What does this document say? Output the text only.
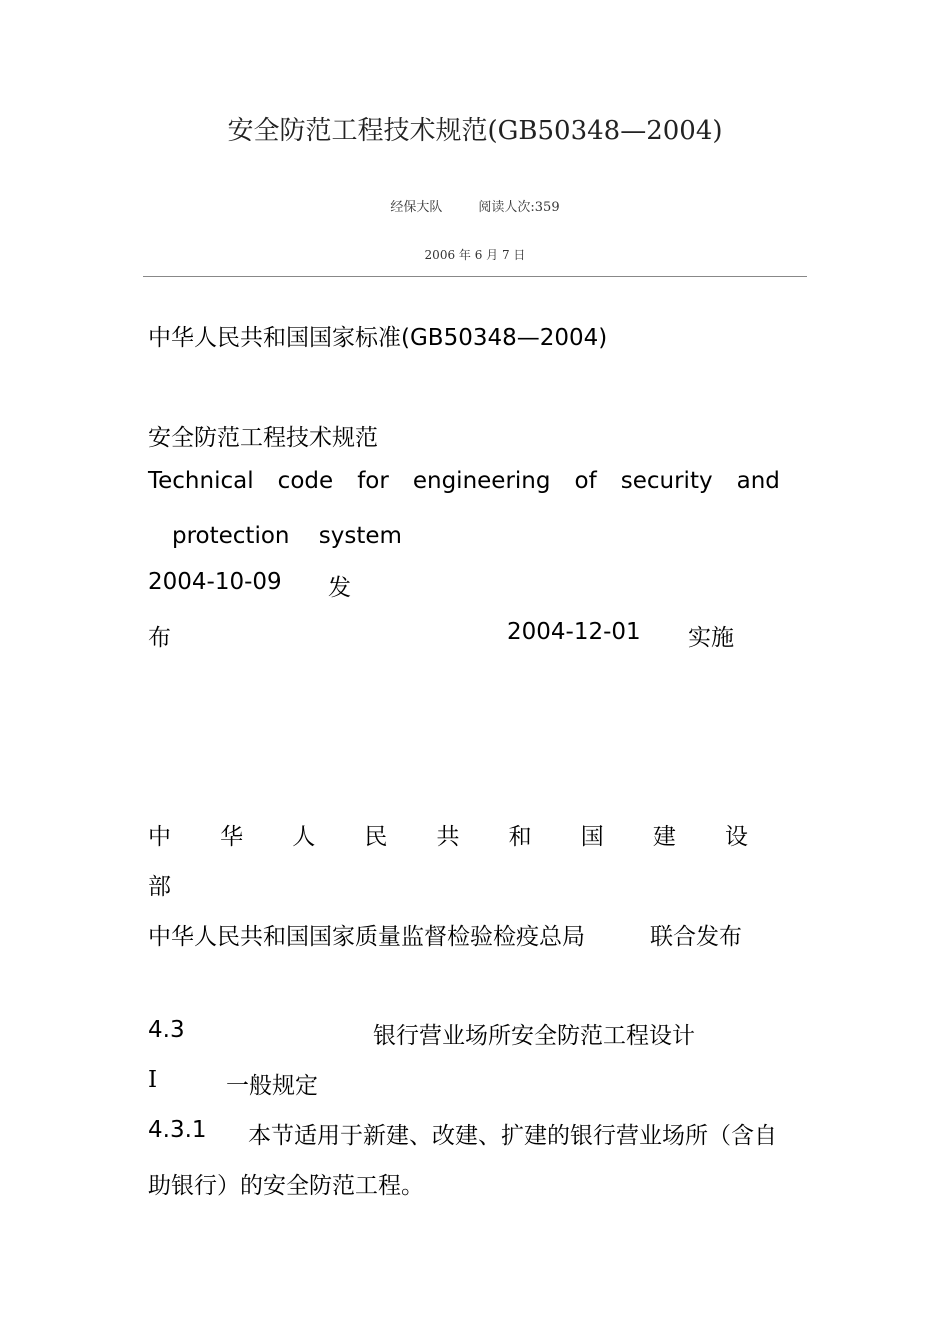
安全防范工程技术规范(GB50348—2004)
经保大队	阅读人次:359
2006 年 6 月 7 日
中华人民共和国国家标准(GB50348—2004)
安全防范工程技术规范
Technical code for engineering of security and
protection    system
2004-10-09 发
布	2004-12-01 实施
中 华 人 民 共 和 国 建 设
部
中华人民共和国国家质量监督检验检疫总局	联合发布
4.3	银行营业场所安全防范工程设计
I	一般规定
4.3.1 本节适用于新建、改建、扩建的银行营业场所（含自
助银行）的安全防范工程。
